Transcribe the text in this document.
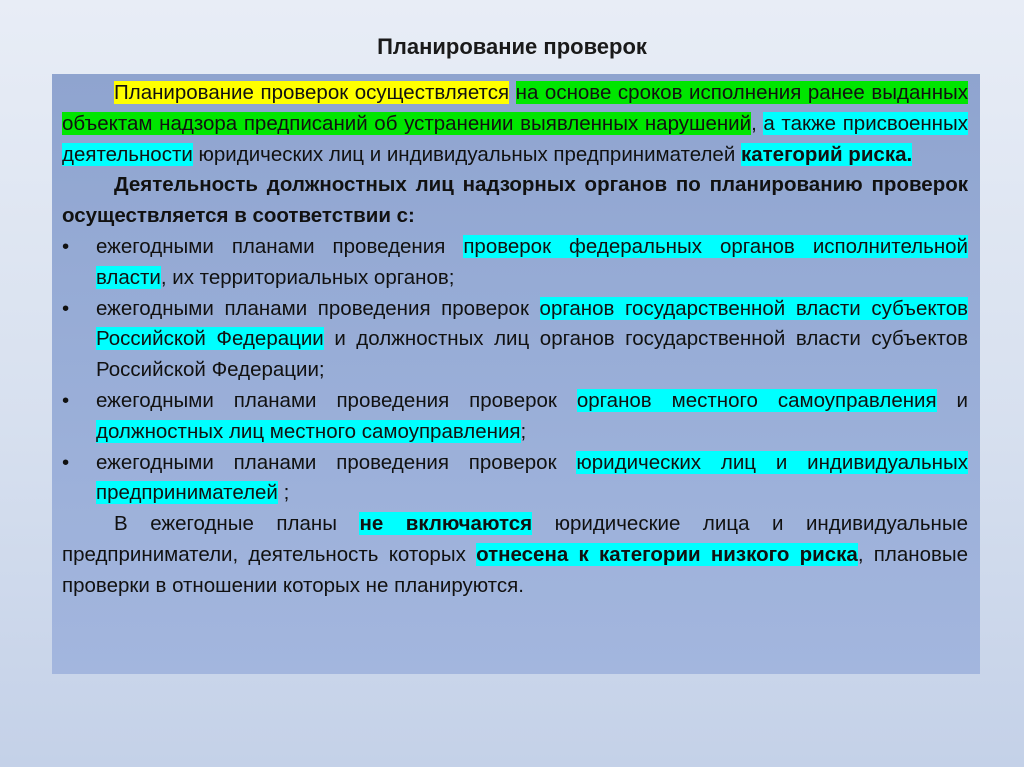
Планирование проверок

Планирование проверок осуществляется на основе сроков исполнения ранее выданных объектам надзора предписаний об устранении выявленных нарушений, а также присвоенных деятельности юридических лиц и индивидуальных предпринимателей категорий риска.

Деятельность должностных лиц надзорных органов по планированию проверок осуществляется в соответствии с:

• ежегодными планами проведения проверок федеральных органов исполнительной власти, их территориальных органов;

• ежегодными планами проведения проверок органов государственной власти субъектов Российской Федерации и должностных лиц органов государственной власти субъектов Российской Федерации;

• ежегодными планами проведения проверок органов местного самоуправления и должностных лиц местного самоуправления;

• ежегодными планами проведения проверок юридических лиц и индивидуальных предпринимателей ;

В ежегодные планы не включаются юридические лица и индивидуальные предприниматели, деятельность которых отнесена к категории низкого риска, плановые проверки в отношении которых не планируются.
